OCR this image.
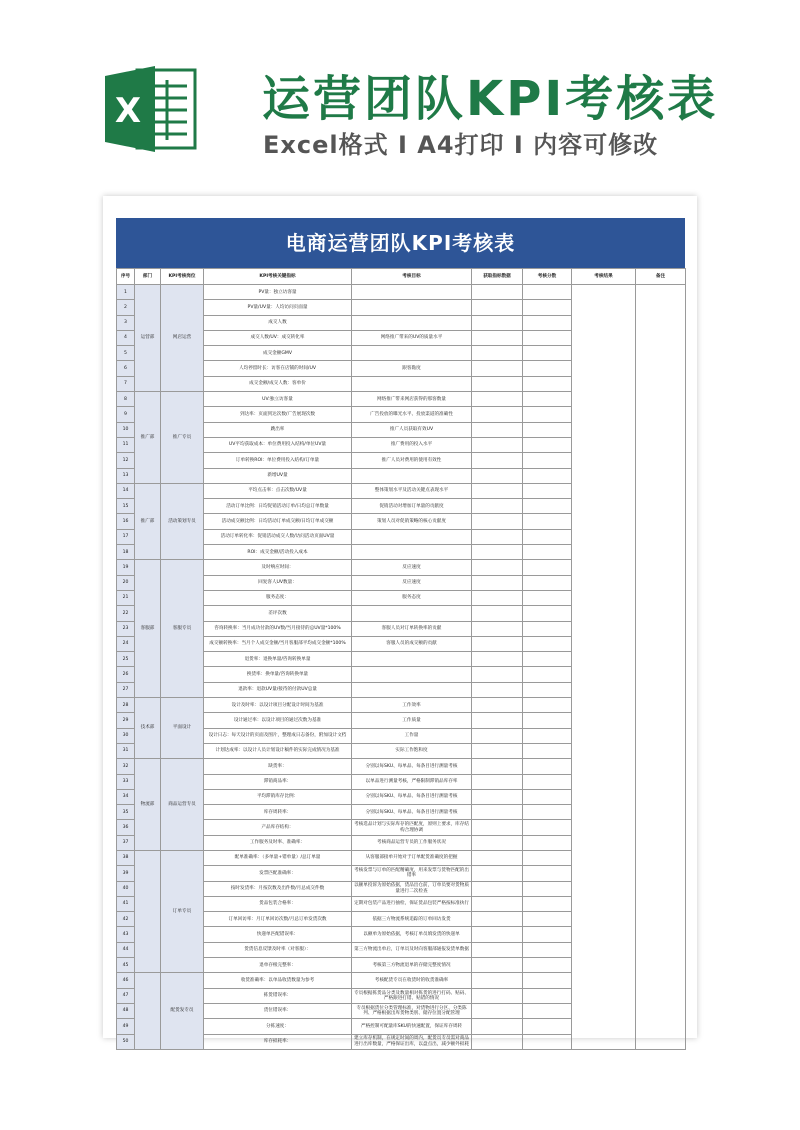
X	运营团队KPI考核表
Excel格式 I A4打印 I 内容可修改
电商运营团队KPI考核表
序号	部门	KPI考核岗位	KPI考核关键指标	考核目标	获取指标数据	考核分数	考核结果	备注
1	运营部	网店运营	PV量：独立访客量					
2			PV量/UV量：人均访问页面量					
3			成交人数					
4			成交人数/UV：成交转化率	网络推广带来的UV的质量水平				
5			成交金额GMV					
6			人均停留时长：访客在店铺的时间/UV	跟客黏度				
7			成交金额/成交人数：客单价					
8	推广部	推广专员	UV:独立访客量	网络推广带来网店获得的那客数量				
9			到达率：页面到达次数/广告展现次数	广告投放的曝光水平、投放渠道的准确性				
10			跳出率	推广人员获取有效UV				
11			UV平均获取成本：单位费用投入结构/单位UV量	推广费用的投入水平				
12			订单转换ROI：单位费用投入结构/订单量	推广人员对费用的使用有效性				
13			新增UV量					
14	推广部	活动策划专员	平均点击率：点击次数/UV量	整体策划水平及活动关键点表现水平				
15			活动订单比例：日均促销活动订单/日均总订单数量	促销活动对增加订单量的贡献度				
16			活动成交额比例：日均活动订单成交额/日均订单成交额	策划人员对促销策略的核心贡献度				
17			活动订单转化率：促销活动成交人数/访问活动页面UV量					
18			ROI：成交金额/活动投入成本					
19	客服部	客服专员	及时响应时间：	反应速度				
20			回复客人UV数量：	反应速度				
21			服务态度：	服务态度				
22			差评次数					
23			咨询转换率：当月成功付款的UV数/当月接待的总UV量*100%	客服人员对订单转换率的贡献				
24			成交额转换率：当月个人成交金额/当月客服部平均成交金额*100%	客服人员的成交额的贡献				
25			退货率：退换单量/咨询转换单量					
26			换货率：换单量/咨询转换单量					
27			退款率：退款UV量/接待的付款UV总量					
28	技术部	平面设计	设计及时率：以设计项目分配设计时间为基准	工作效率				
29			设计通过率：以设计项目的通过次数为基准	工作质量				
30			设计日志：每天设计的页面及图片，整理成日志备份，附加设计文档	工作量				
31			计划达成率：以设计人员计划设计稿件的实际完成情况为基准	实际工作饱和度				
32	物流部	商品运营专员	缺货率：	分别以每SKU、每单品、每条目进行测量考核				
33			滞销商品率：	以单品进行测量考核，严格限制滞销品库存率				
34			平均滞销库存比例：	分别以每SKU、每单品、每条目进行测量考核				
35			库存周转率：	分别以每SKU、每单品、每条目进行测量考核				
36			产品库存结构：	考核选品计划与实际库存的匹配度，原则上要求，库存结构合理协调				
37			工作服务及时率、准确率：	考核商品运营专员的工作服务状况				
38		订单专员	配单准确率：（多单量+错单量）/总订单量	从客服部接单开始对于订单配货准确度的把握				
39			发票匹配准确率：	考核发票与订单的匹配精确度，用来发票与货物匹配的出错率				
40			按时发货率：月按次数及出件数/月总成交件数	以额单投诉为原始依据，货品出仓前，订单员要对货物质量进行二次检查				
41			货品包装合格率：	定期对包装产品进行抽检，保证货品包装严格按标准执行				
42			订单回访率：月订单回访次数/月总订单发货次数	依据三方物流系统追踪的订单回访发货				
43			快递单匹配错误率：	以额单为原始依据，考核订单员填发货的快递单				
44			货货信息反馈及时率（对客服）：	第三方物流出单后，订单员及时向客服部通报发货单数据				
45			退单存根完整率：	考核第三方物流退单的存储完整度情况				
46		配货发专员	收货准确率：以单品收货数量为参考	考核配货专员在收货时的收货准确率				
47			拣货错误率：	专员根据拣货品分类及数量相对拣货的进行打码、贴码、严格跟进打错、贴错的情况				
48			货位错误率：	专员根据货位分类管理标准，对货物进行分区、分类陈列、严格根据出库货物类别、储存位置分配管理				
49			分拣速度：	严格控制可配量库SKU的快速配置，保证库存周转				
50			库存损耗率：	建立库存机制，在规定时间的周内，配货员专员需对商品进行出库数量，严格保证出库，以盘点出，减少额外损耗				
